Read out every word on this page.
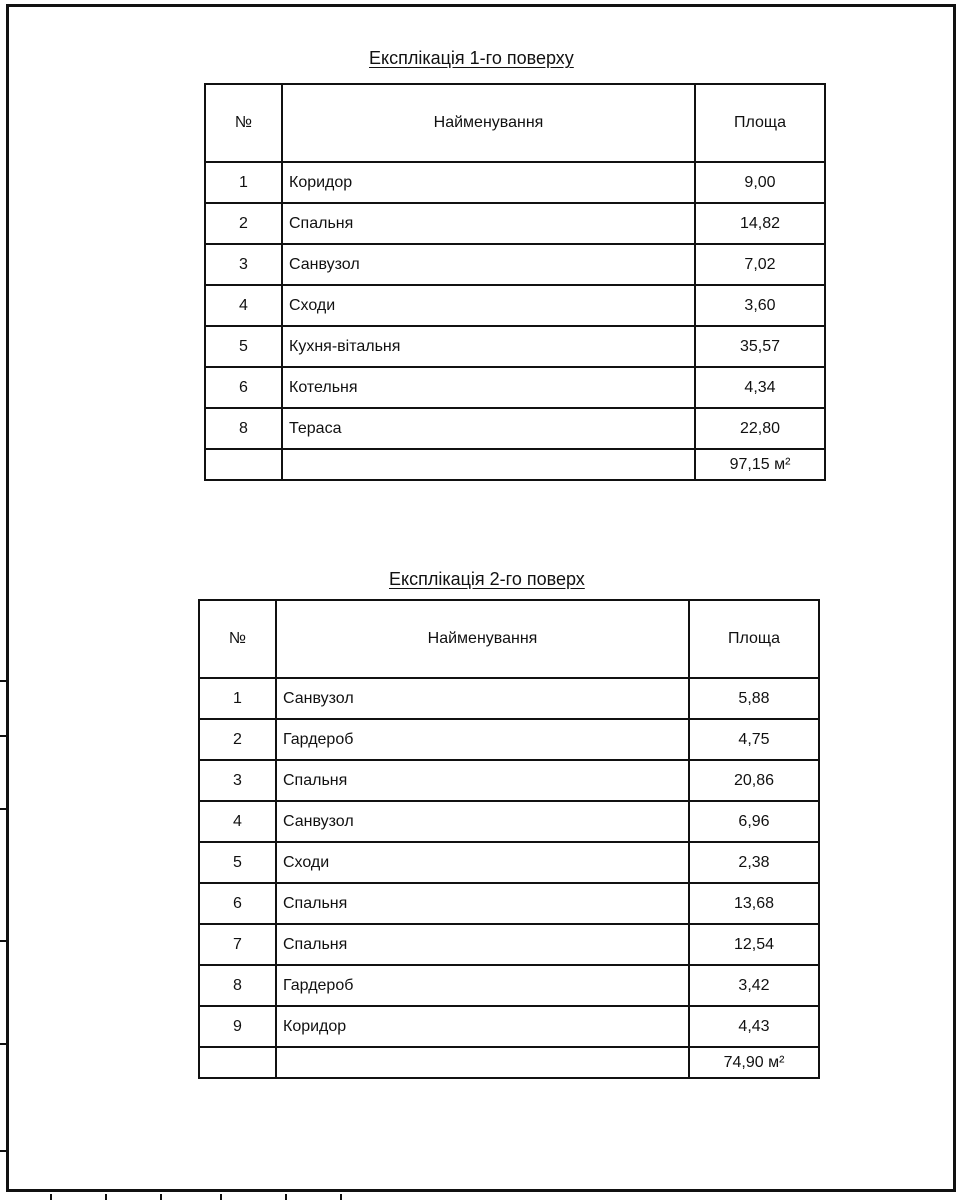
Експлікація 1-го поверху
№	Найменування	Площа
1	Коридор	9,00
2	Спальня	14,82
3	Санвузол	7,02
4	Сходи	3,60
5	Кухня-вітальня	35,57
6	Котельня	4,34
8	Тераса	22,80
		97,15 м²
Експлікація 2-го поверх
№	Найменування	Площа
1	Санвузол	5,88
2	Гардероб	4,75
3	Спальня	20,86
4	Санвузол	6,96
5	Сходи	2,38
6	Спальня	13,68
7	Спальня	12,54
8	Гардероб	3,42
9	Коридор	4,43
		74,90 м²
